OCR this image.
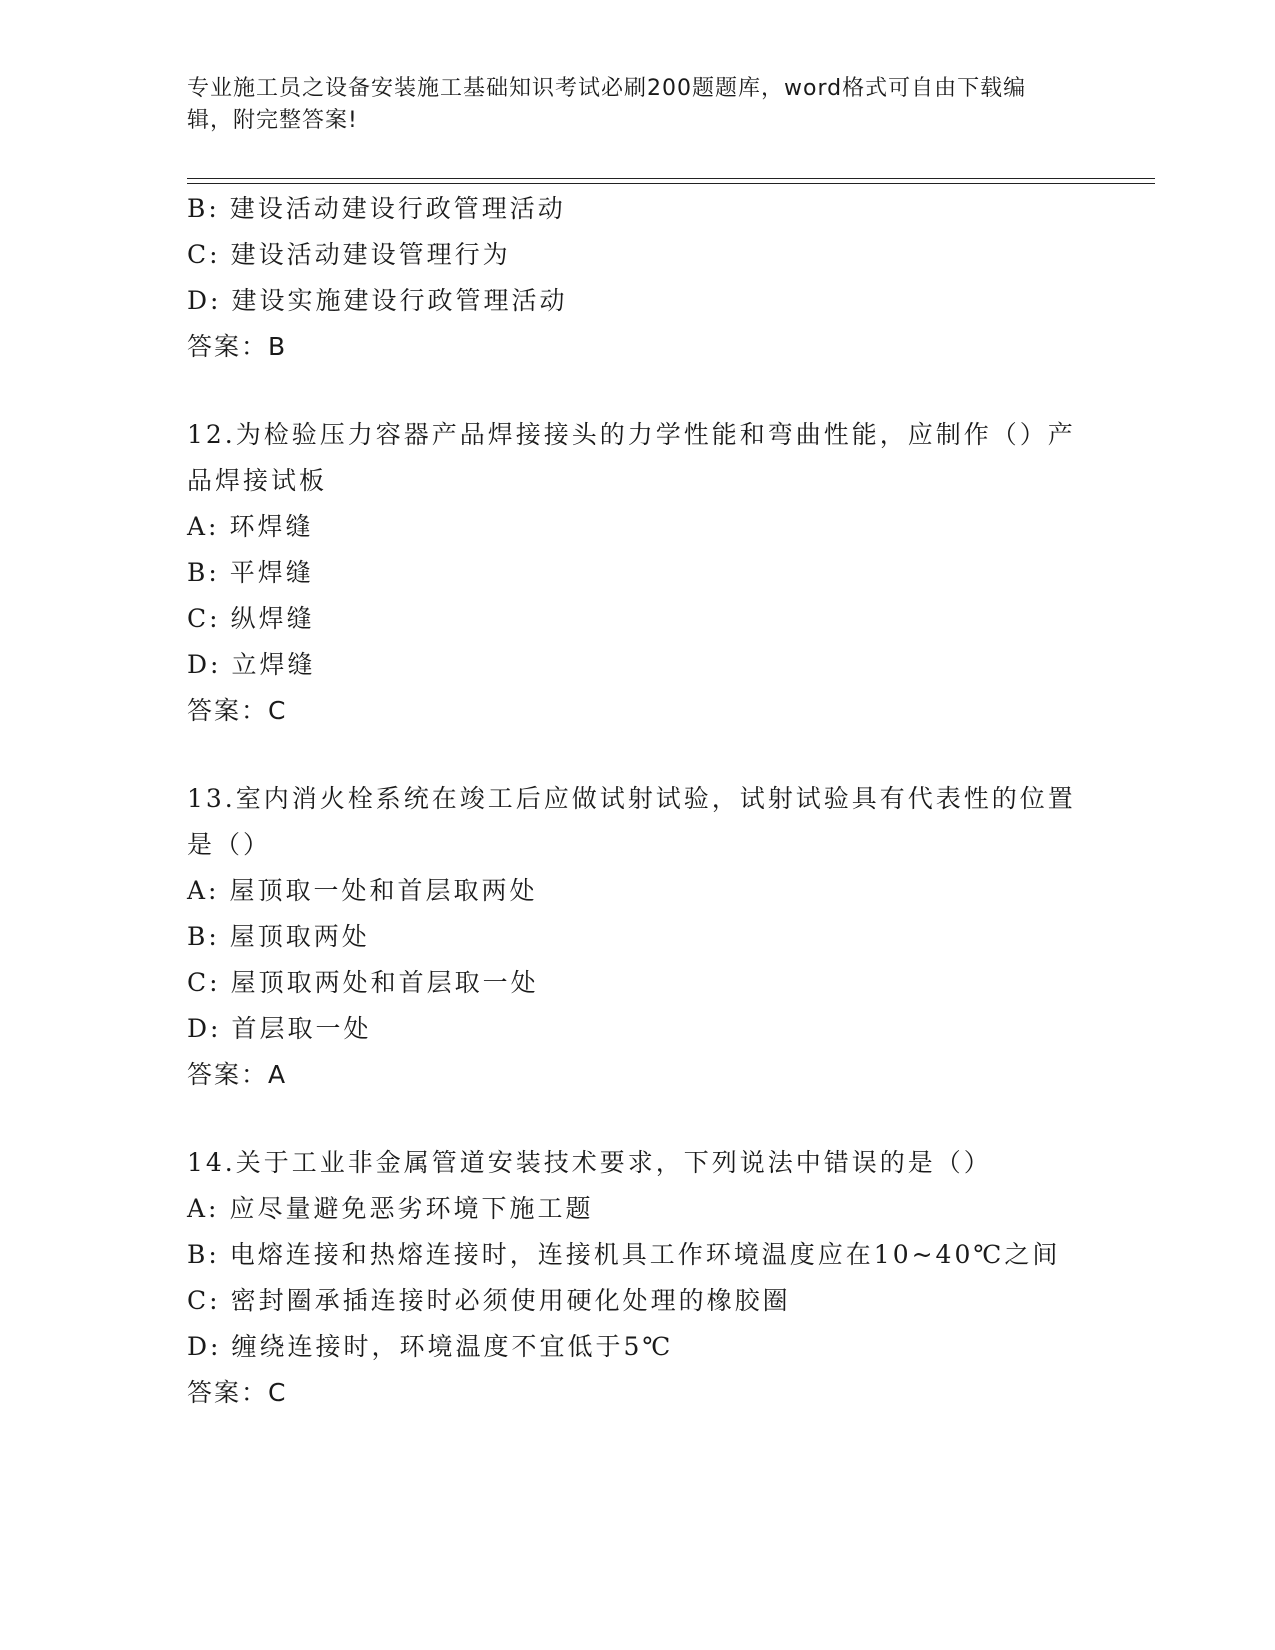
专业施工员之设备安装施工基础知识考试必刷200题题库，word格式可自由下载编辑，附完整答案!
B: 建设活动建设行政管理活动
C: 建设活动建设管理行为
D: 建设实施建设行政管理活动
答案：B
12.为检验压力容器产品焊接接头的力学性能和弯曲性能，应制作（）产品焊接试板
A: 环焊缝
B: 平焊缝
C: 纵焊缝
D: 立焊缝
答案：C
13.室内消火栓系统在竣工后应做试射试验，试射试验具有代表性的位置是（）
A: 屋顶取一处和首层取两处
B: 屋顶取两处
C: 屋顶取两处和首层取一处
D: 首层取一处
答案：A
14.关于工业非金属管道安装技术要求，下列说法中错误的是（）
A: 应尽量避免恶劣环境下施工题
B: 电熔连接和热熔连接时，连接机具工作环境温度应在10~40℃之间
C: 密封圈承插连接时必须使用硬化处理的橡胶圈
D: 缠绕连接时，环境温度不宜低于5℃
答案：C
